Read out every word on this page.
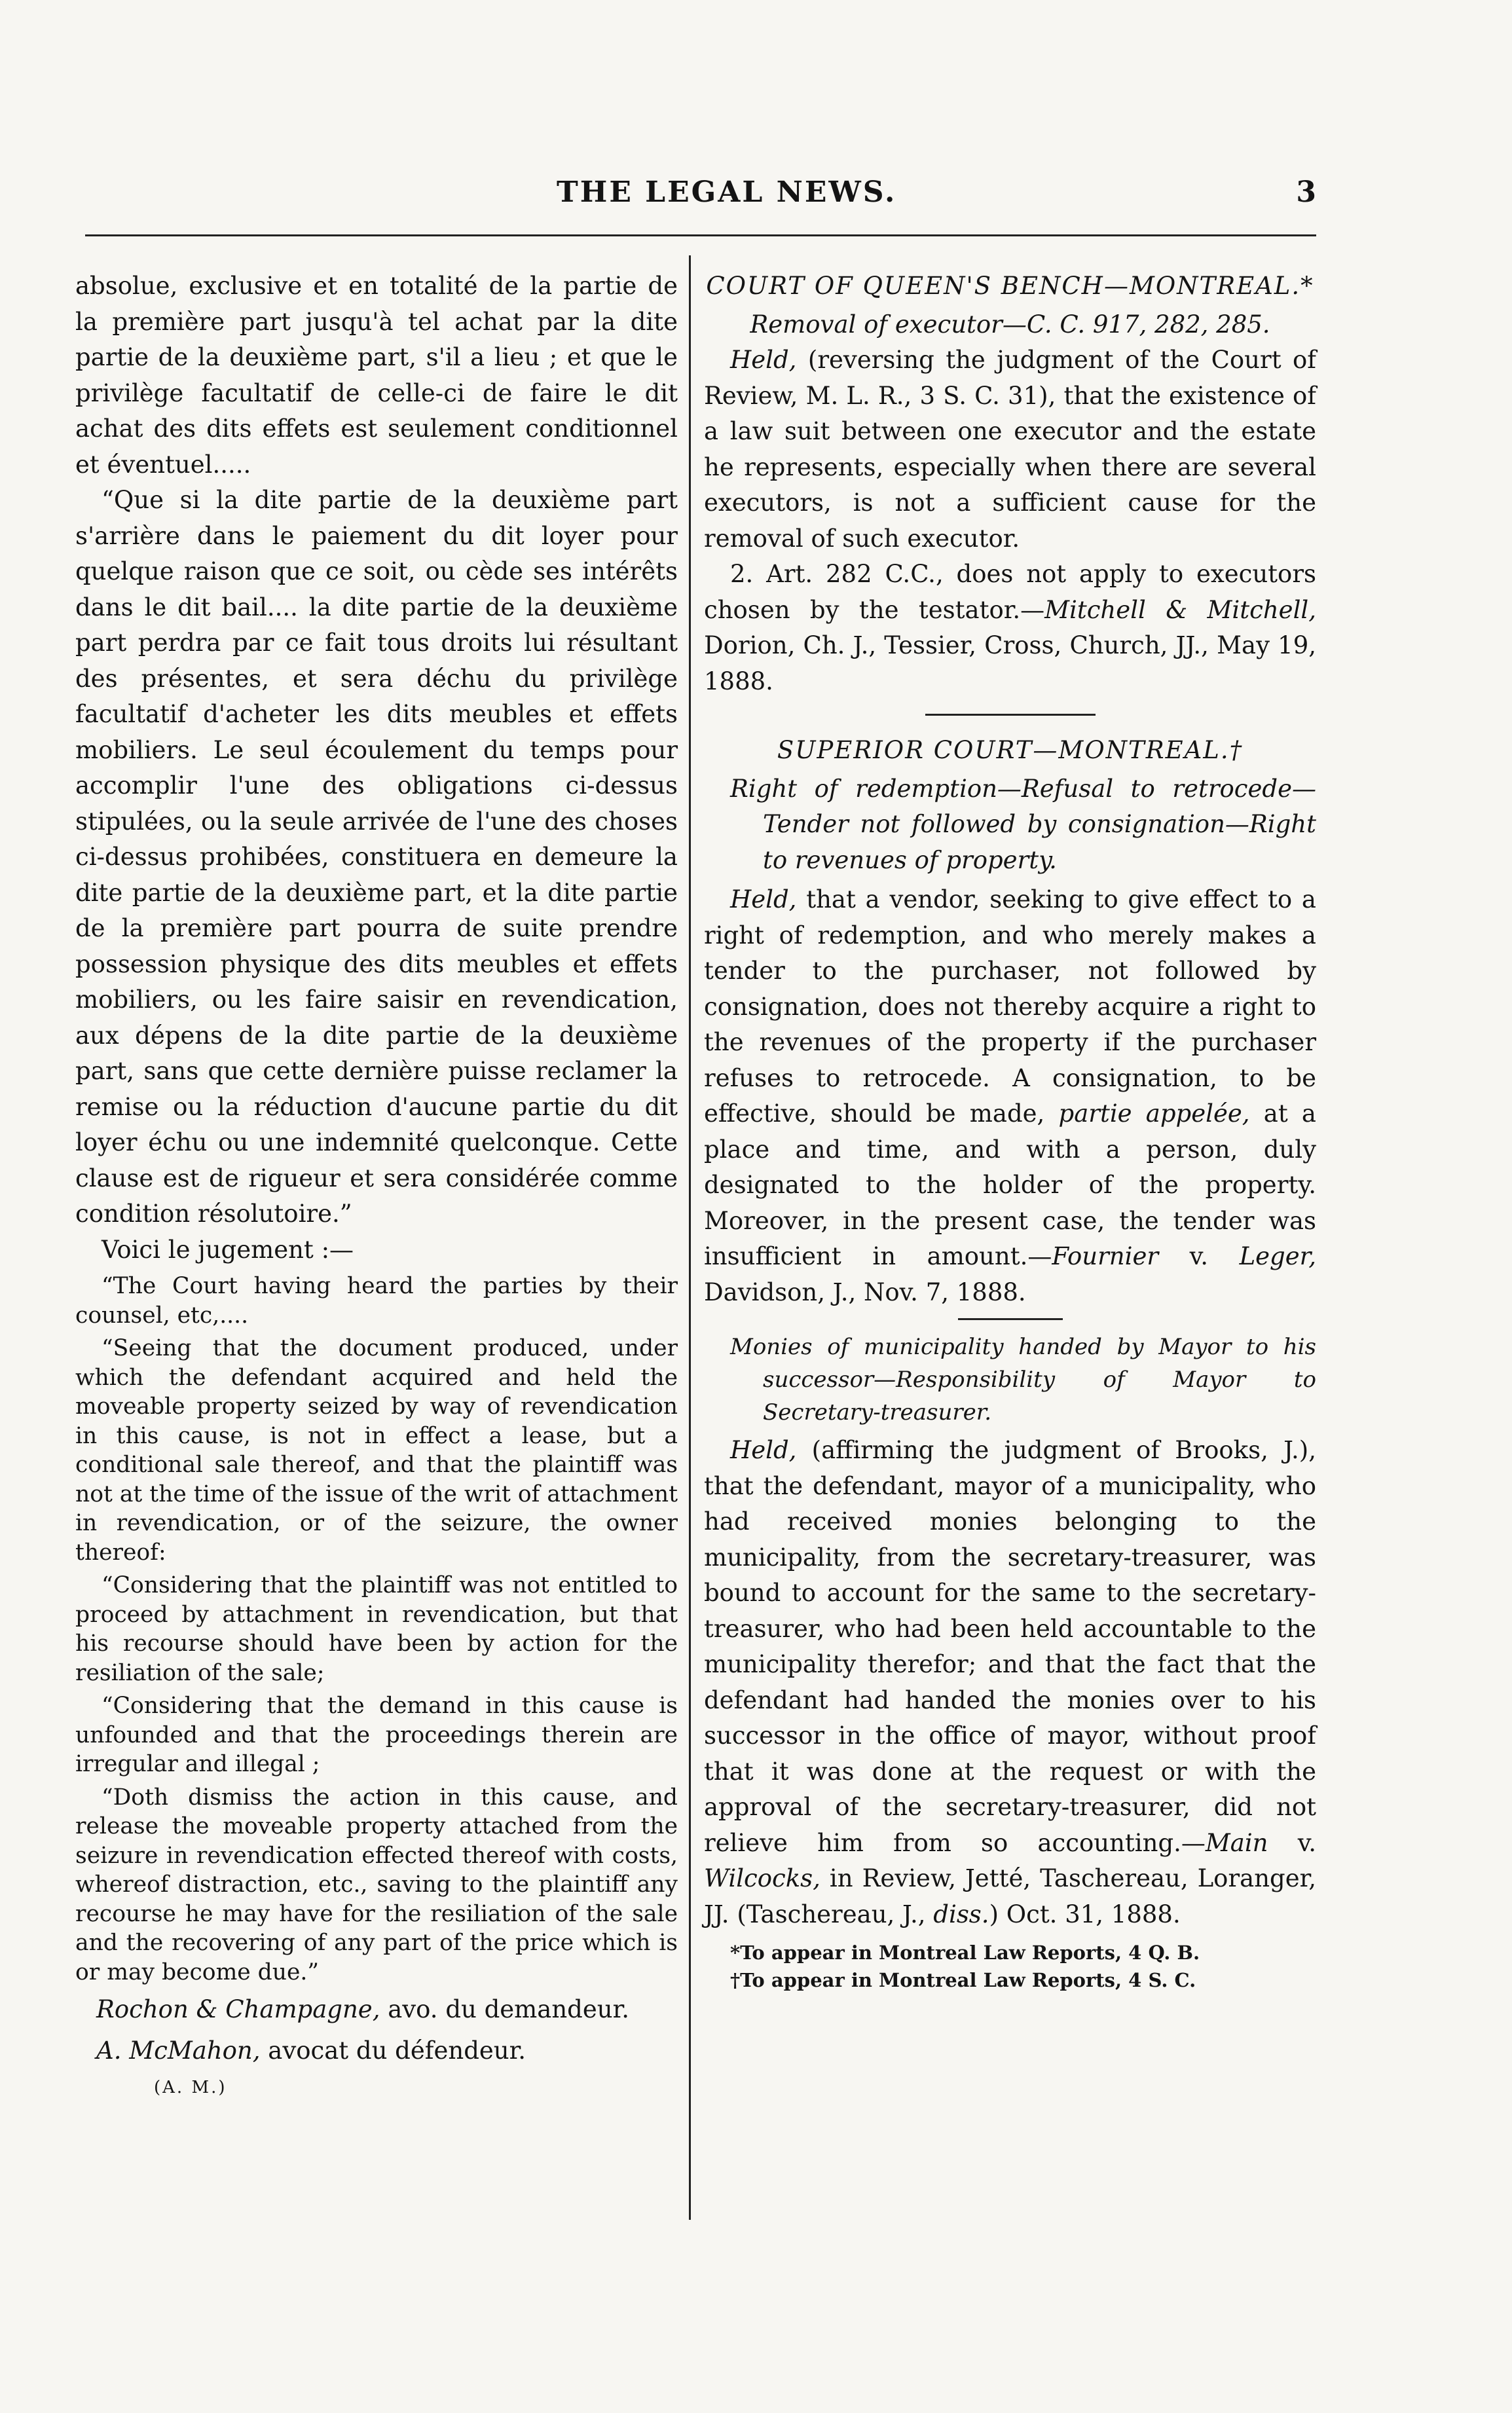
THE LEGAL NEWS.	3

absolue, exclusive et en totalité de la partie de la première part jusqu'à tel achat par la dite partie de la deuxième part, s'il a lieu ; et que le privilège facultatif de celle-ci de faire le dit achat des dits effets est seulement conditionnel et éventuel.....

“Que si la dite partie de la deuxième part s'arrière dans le paiement du dit loyer pour quelque raison que ce soit, ou cède ses intérêts dans le dit bail.... la dite partie de la deuxième part perdra par ce fait tous droits lui résultant des présentes, et sera déchu du privilège facultatif d'acheter les dits meubles et effets mobiliers. Le seul écoulement du temps pour accomplir l'une des obligations ci-dessus stipulées, ou la seule arrivée de l'une des choses ci-dessus prohibées, constituera en demeure la dite partie de la deuxième part, et la dite partie de la première part pourra de suite prendre possession physique des dits meubles et effets mobiliers, ou les faire saisir en revendication, aux dépens de la dite partie de la deuxième part, sans que cette dernière puisse reclamer la remise ou la réduction d'aucune partie du dit loyer échu ou une indemnité quelconque. Cette clause est de rigueur et sera considérée comme condition résolutoire.”

Voici le jugement :—

“The Court having heard the parties by their counsel, etc,....

“Seeing that the document produced, under which the defendant acquired and held the moveable property seized by way of revendication in this cause, is not in effect a lease, but a conditional sale thereof, and that the plaintiff was not at the time of the issue of the writ of attachment in revendication, or of the seizure, the owner thereof:

“Considering that the plaintiff was not entitled to proceed by attachment in revendication, but that his recourse should have been by action for the resiliation of the sale;

“Considering that the demand in this cause is unfounded and that the proceedings therein are irregular and illegal ;

“Doth dismiss the action in this cause, and release the moveable property attached from the seizure in revendication effected thereof with costs, whereof distraction, etc., saving to the plaintiff any recourse he may have for the resiliation of the sale and the recovering of any part of the price which is or may become due.”

Rochon & Champagne, avo. du demandeur.

A. McMahon, avocat du défendeur.

(A. M.)

COURT OF QUEEN'S BENCH—MONTREAL.*

Removal of executor—C. C. 917, 282, 285.

Held, (reversing the judgment of the Court of Review, M. L. R., 3 S. C. 31), that the existence of a law suit between one executor and the estate he represents, especially when there are several executors, is not a sufficient cause for the removal of such executor.

2. Art. 282 C.C., does not apply to executors chosen by the testator.—Mitchell & Mitchell, Dorion, Ch. J., Tessier, Cross, Church, JJ., May 19, 1888.

SUPERIOR COURT—MONTREAL.†

Right of redemption—Refusal to retrocede—Tender not followed by consignation—Right to revenues of property.

Held, that a vendor, seeking to give effect to a right of redemption, and who merely makes a tender to the purchaser, not followed by consignation, does not thereby acquire a right to the revenues of the property if the purchaser refuses to retrocede. A consignation, to be effective, should be made, partie appelée, at a place and time, and with a person, duly designated to the holder of the property. Moreover, in the present case, the tender was insufficient in amount.—Fournier v. Leger, Davidson, J., Nov. 7, 1888.

Monies of municipality handed by Mayor to his successor—Responsibility of Mayor to Secretary-treasurer.

Held, (affirming the judgment of Brooks, J.), that the defendant, mayor of a municipality, who had received monies belonging to the municipality, from the secretary-treasurer, was bound to account for the same to the secretary-treasurer, who had been held accountable to the municipality therefor; and that the fact that the defendant had handed the monies over to his successor in the office of mayor, without proof that it was done at the request or with the approval of the secretary-treasurer, did not relieve him from so accounting.—Main v. Wilcocks, in Review, Jetté, Taschereau, Loranger, JJ. (Taschereau, J., diss.) Oct. 31, 1888.

*To appear in Montreal Law Reports, 4 Q. B.

†To appear in Montreal Law Reports, 4 S. C.
